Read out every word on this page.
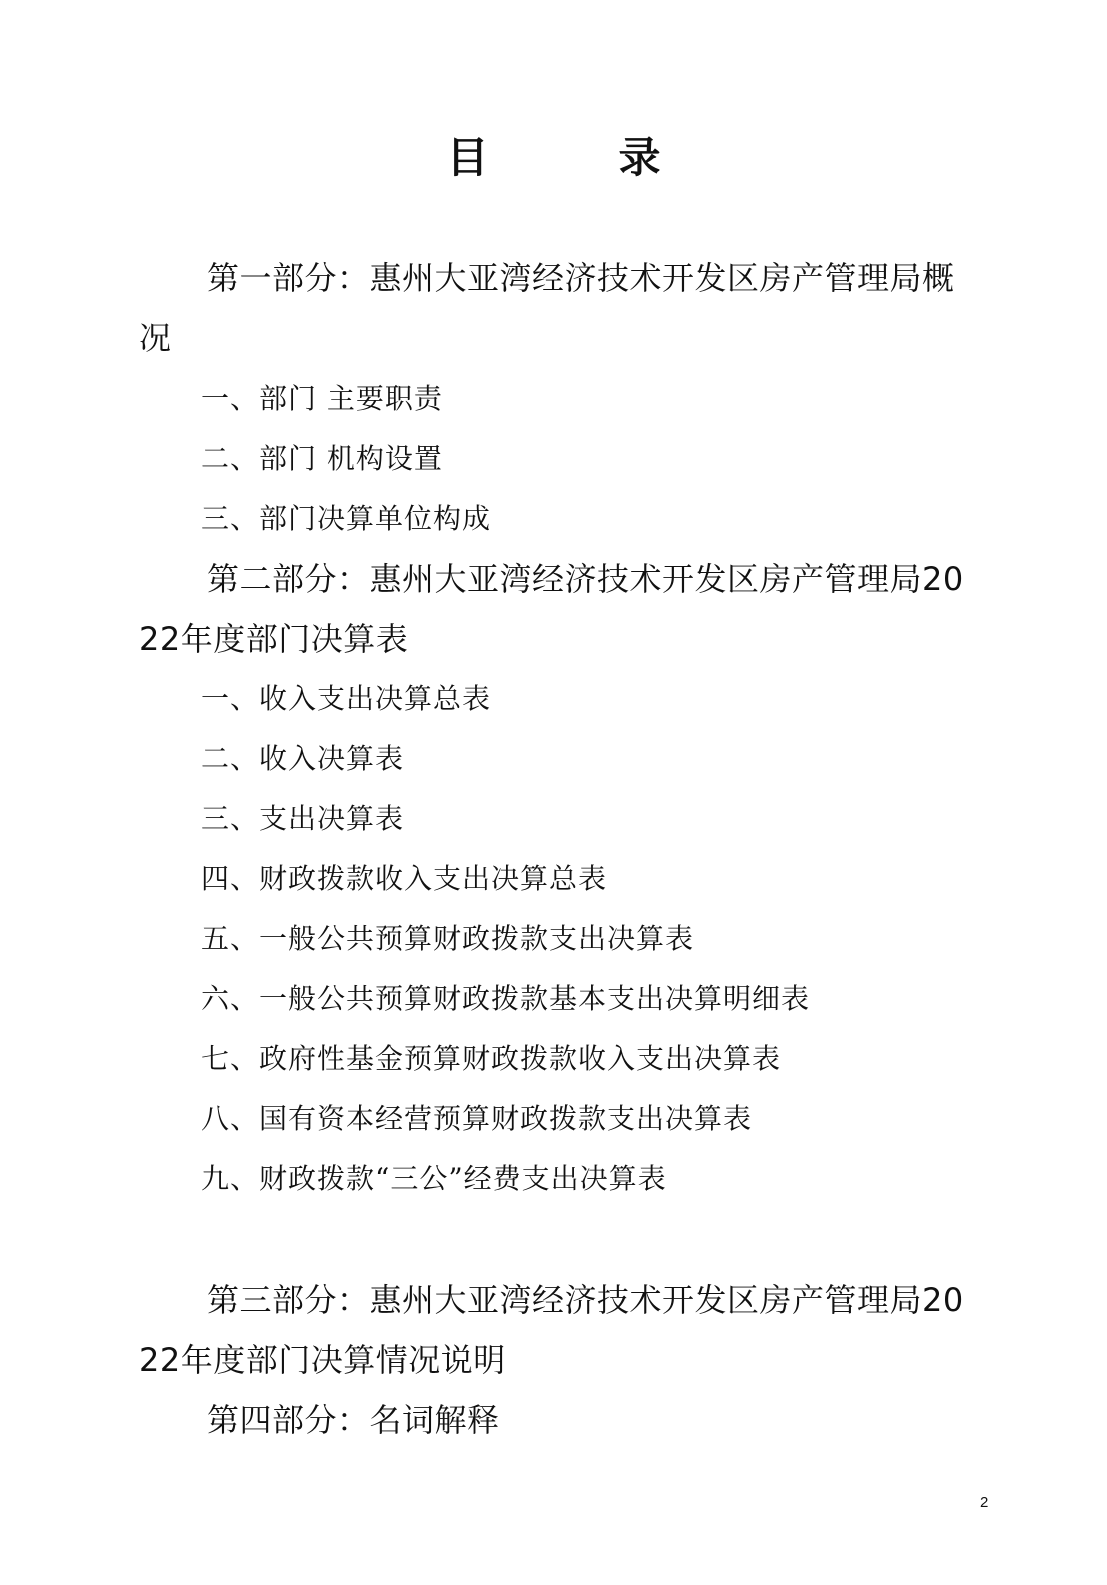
目	录
第一部分：惠州大亚湾经济技术开发区房产管理局概况
一、部门 主要职责
二、部门 机构设置
三、部门决算单位构成
第二部分：惠州大亚湾经济技术开发区房产管理局2022年度部门决算表
一、收入支出决算总表
二、收入决算表
三、支出决算表
四、财政拨款收入支出决算总表
五、一般公共预算财政拨款支出决算表
六、一般公共预算财政拨款基本支出决算明细表
七、政府性基金预算财政拨款收入支出决算表
八、国有资本经营预算财政拨款支出决算表
九、财政拨款“三公”经费支出决算表
第三部分：惠州大亚湾经济技术开发区房产管理局2022年度部门决算情况说明
第四部分：名词解释
2
